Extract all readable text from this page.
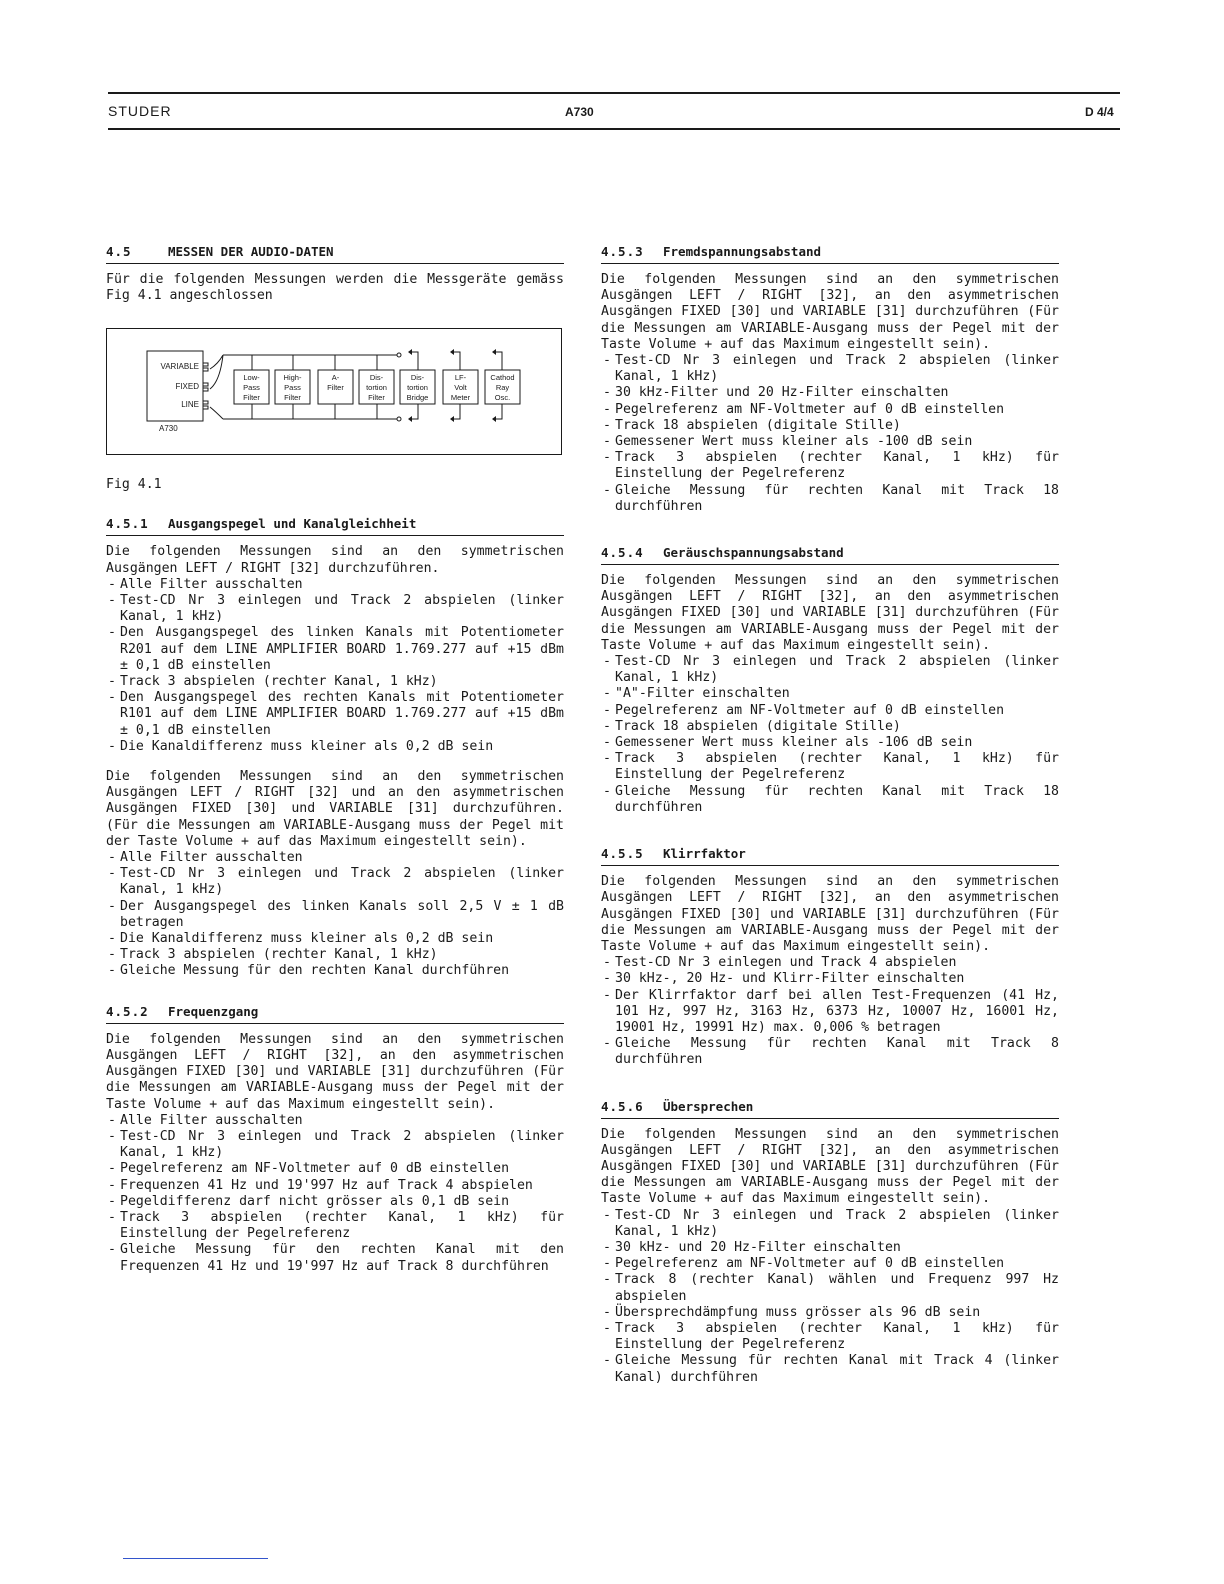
STUDER	A730	D 4/4
4.5	MESSEN DER AUDIO-DATEN

Für die folgenden Messungen werden die Messgeräte gemäss Fig 4.1 angeschlossen

A730
VARIABLE
FIXED
LINE
Low-
Pass
Filter
High-
Pass
Filter
A-
Filter
Dis-
tortion
Filter
Dis-
tortion
Bridge
LF-
Volt
Meter
Cathod
Ray
Osc.
Fig 4.1
4.5.1 Ausgangspegel und Kanalgleichheit

Die folgenden Messungen sind an den symmetrischen Ausgängen LEFT / RIGHT [32] durchzuführen.

- Alle Filter ausschalten
- Test-CD Nr 3 einlegen und Track 2 abspielen (linker Kanal, 1 kHz)
- Den Ausgangspegel des linken Kanals mit Potentiometer R201 auf dem LINE AMPLIFIER BOARD 1.769.277 auf +15 dBm ± 0,1 dB einstellen
- Track 3 abspielen (rechter Kanal, 1 kHz)
- Den Ausgangspegel des rechten Kanals mit Potentiometer R101 auf dem LINE AMPLIFIER BOARD 1.769.277 auf +15 dBm ± 0,1 dB einstellen
- Die Kanaldifferenz muss kleiner als 0,2 dB sein

Die folgenden Messungen sind an den symmetrischen Ausgängen LEFT / RIGHT [32] und an den asymmetrischen Ausgängen FIXED [30] und VARIABLE [31] durchzuführen. (Für die Messungen am VARIABLE-Ausgang muss der Pegel mit der Taste Volume + auf das Maximum eingestellt sein).

- Alle Filter ausschalten
- Test-CD Nr 3 einlegen und Track 2 abspielen (linker Kanal, 1 kHz)
- Der Ausgangspegel des linken Kanals soll 2,5 V ± 1 dB betragen
- Die Kanaldifferenz muss kleiner als 0,2 dB sein
- Track 3 abspielen (rechter Kanal, 1 kHz)
- Gleiche Messung für den rechten Kanal durchführen
4.5.2 Frequenzgang

Die folgenden Messungen sind an den symmetrischen Ausgängen LEFT / RIGHT [32], an den asymmetrischen Ausgängen FIXED [30] und VARIABLE [31] durchzuführen (Für die Messungen am VARIABLE-Ausgang muss der Pegel mit der Taste Volume + auf das Maximum eingestellt sein).

- Alle Filter ausschalten
- Test-CD Nr 3 einlegen und Track 2 abspielen (linker Kanal, 1 kHz)
- Pegelreferenz am NF-Voltmeter auf 0 dB einstellen
- Frequenzen 41 Hz und 19'997 Hz auf Track 4 abspielen
- Pegeldifferenz darf nicht grösser als 0,1 dB sein
- Track 3 abspielen (rechter Kanal, 1 kHz) für Einstellung der Pegelreferenz
- Gleiche Messung für den rechten Kanal mit den Frequenzen 41 Hz und 19'997 Hz auf Track 8 durchführen
4.5.3 Fremdspannungsabstand

Die folgenden Messungen sind an den symmetrischen Ausgängen LEFT / RIGHT [32], an den asymmetrischen Ausgängen FIXED [30] und VARIABLE [31] durchzuführen (Für die Messungen am VARIABLE-Ausgang muss der Pegel mit der Taste Volume + auf das Maximum eingestellt sein).

- Test-CD Nr 3 einlegen und Track 2 abspielen (linker Kanal, 1 kHz)
- 30 kHz-Filter und 20 Hz-Filter einschalten
- Pegelreferenz am NF-Voltmeter auf 0 dB einstellen
- Track 18 abspielen (digitale Stille)
- Gemessener Wert muss kleiner als -100 dB sein
- Track 3 abspielen (rechter Kanal, 1 kHz) für Einstellung der Pegelreferenz
- Gleiche Messung für rechten Kanal mit Track 18 durchführen
4.5.4 Geräuschspannungsabstand

Die folgenden Messungen sind an den symmetrischen Ausgängen LEFT / RIGHT [32], an den asymmetrischen Ausgängen FIXED [30] und VARIABLE [31] durchzuführen (Für die Messungen am VARIABLE-Ausgang muss der Pegel mit der Taste Volume + auf das Maximum eingestellt sein).

- Test-CD Nr 3 einlegen und Track 2 abspielen (linker Kanal, 1 kHz)
- "A"-Filter einschalten
- Pegelreferenz am NF-Voltmeter auf 0 dB einstellen
- Track 18 abspielen (digitale Stille)
- Gemessener Wert muss kleiner als -106 dB sein
- Track 3 abspielen (rechter Kanal, 1 kHz) für Einstellung der Pegelreferenz
- Gleiche Messung für rechten Kanal mit Track 18 durchführen
4.5.5 Klirrfaktor

Die folgenden Messungen sind an den symmetrischen Ausgängen LEFT / RIGHT [32], an den asymmetrischen Ausgängen FIXED [30] und VARIABLE [31] durchzuführen (Für die Messungen am VARIABLE-Ausgang muss der Pegel mit der Taste Volume + auf das Maximum eingestellt sein).

- Test-CD Nr 3 einlegen und Track 4 abspielen
- 30 kHz-, 20 Hz- und Klirr-Filter einschalten
- Der Klirrfaktor darf bei allen Test-Frequenzen (41 Hz, 101 Hz, 997 Hz, 3163 Hz, 6373 Hz, 10007 Hz, 16001 Hz, 19001 Hz, 19991 Hz) max. 0,006 % betragen
- Gleiche Messung für rechten Kanal mit Track 8 durchführen
4.5.6 Übersprechen

Die folgenden Messungen sind an den symmetrischen Ausgängen LEFT / RIGHT [32], an den asymmetrischen Ausgängen FIXED [30] und VARIABLE [31] durchzuführen (Für die Messungen am VARIABLE-Ausgang muss der Pegel mit der Taste Volume + auf das Maximum eingestellt sein).

- Test-CD Nr 3 einlegen und Track 2 abspielen (linker Kanal, 1 kHz)
- 30 kHz- und 20 Hz-Filter einschalten
- Pegelreferenz am NF-Voltmeter auf 0 dB einstellen
- Track 8 (rechter Kanal) wählen und Frequenz 997 Hz abspielen
- Übersprechdämpfung muss grösser als 96 dB sein
- Track 3 abspielen (rechter Kanal, 1 kHz) für Einstellung der Pegelreferenz
- Gleiche Messung für rechten Kanal mit Track 4 (linker Kanal) durchführen
